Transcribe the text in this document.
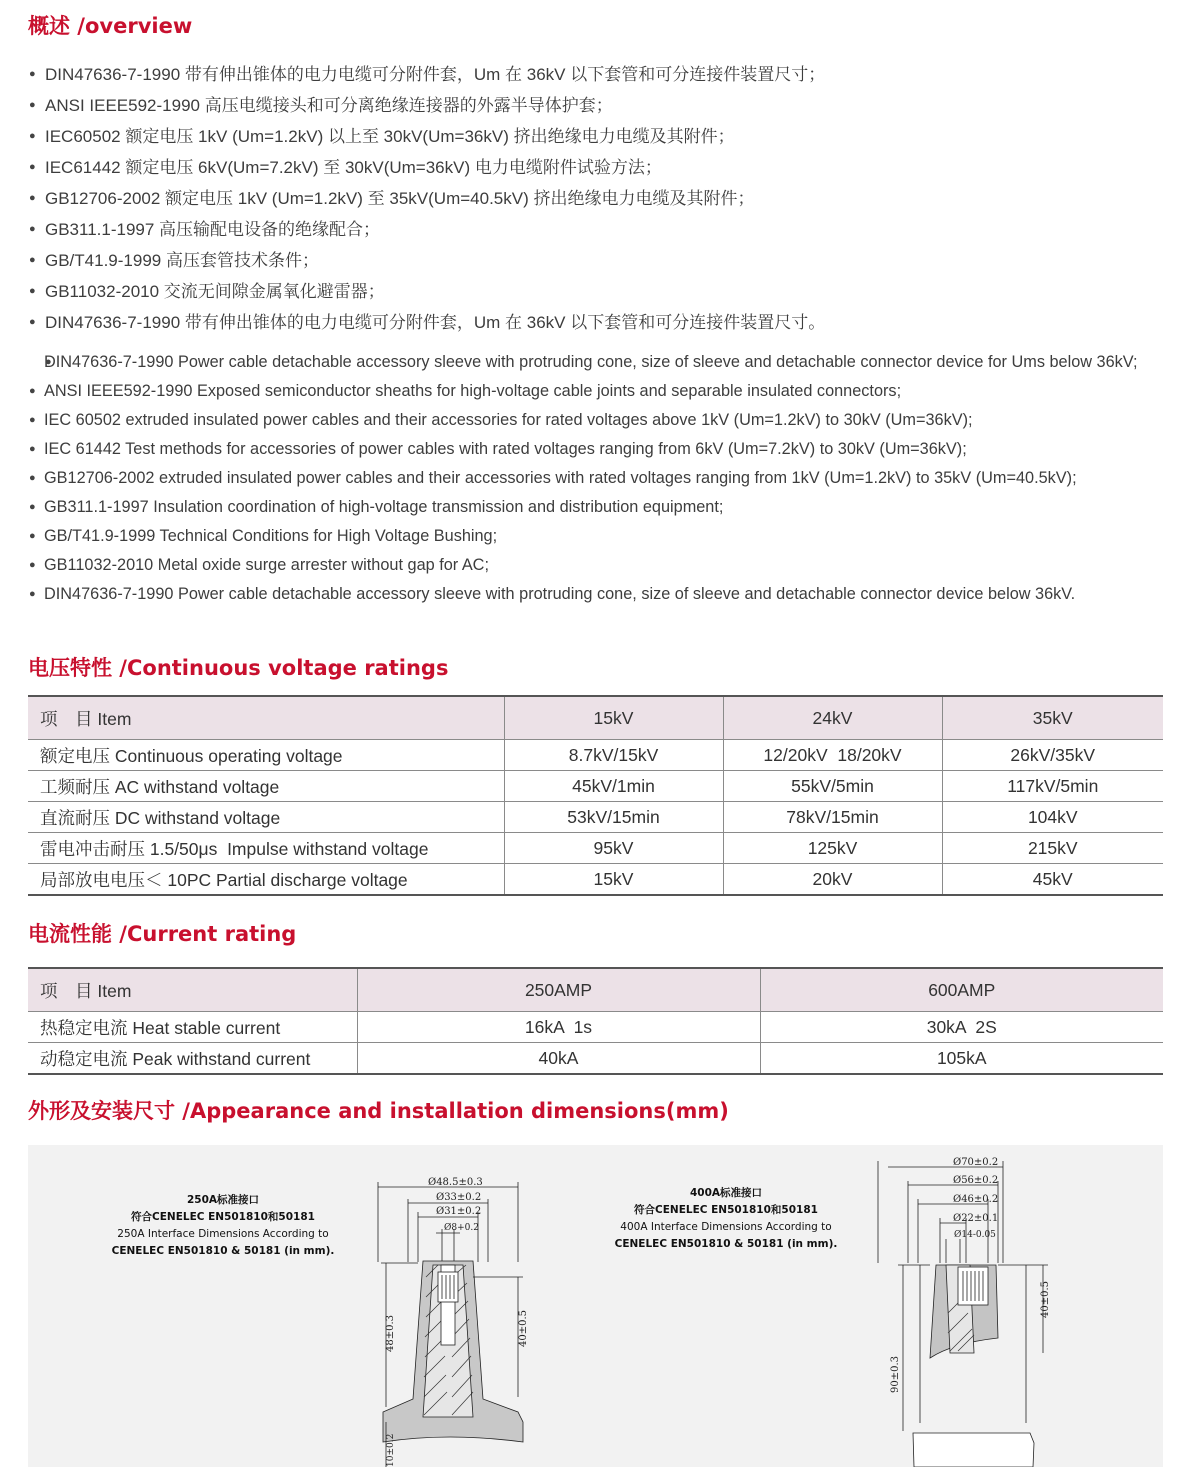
概述 /overview
● DIN47636-7-1990 带有伸出锥体的电力电缆可分附件套，Um 在 36kV 以下套管和可分连接件装置尺寸；
● ANSI IEEE592-1990 高压电缆接头和可分离绝缘连接器的外露半导体护套；
● IEC60502 额定电压 1kV (Um=1.2kV) 以上至 30kV(Um=36kV) 挤出绝缘电力电缆及其附件；
● IEC61442 额定电压 6kV(Um=7.2kV) 至 30kV(Um=36kV) 电力电缆附件试验方法；
● GB12706-2002 额定电压 1kV (Um=1.2kV) 至 35kV(Um=40.5kV) 挤出绝缘电力电缆及其附件；
● GB311.1-1997 高压输配电设备的绝缘配合；
● GB/T41.9-1999 高压套管技术条件；
● GB11032-2010 交流无间隙金属氧化避雷器；
● DIN47636-7-1990 带有伸出锥体的电力电缆可分附件套，Um 在 36kV 以下套管和可分连接件装置尺寸。
● DIN47636-7-1990 Power cable detachable accessory sleeve with protruding cone, size of sleeve and detachable connector device for Ums below 36kV;
● ANSI IEEE592-1990 Exposed semiconductor sheaths for high-voltage cable joints and separable insulated connectors;
● IEC 60502 extruded insulated power cables and their accessories for rated voltages above 1kV (Um=1.2kV) to 30kV (Um=36kV);
● IEC 61442 Test methods for accessories of power cables with rated voltages ranging from 6kV (Um=7.2kV) to 30kV (Um=36kV);
● GB12706-2002 extruded insulated power cables and their accessories with rated voltages ranging from 1kV (Um=1.2kV) to 35kV (Um=40.5kV);
● GB311.1-1997 Insulation coordination of high-voltage transmission and distribution equipment;
● GB/T41.9-1999 Technical Conditions for High Voltage Bushing;
● GB11032-2010 Metal oxide surge arrester without gap for AC;
● DIN47636-7-1990 Power cable detachable accessory sleeve with protruding cone, size of sleeve and detachable connector device below 36kV.
电压特性 /Continuous voltage ratings
项　目 Item	15kV	24kV	35kV
额定电压 Continuous operating voltage	8.7kV/15kV	12/20kV  18/20kV	26kV/35kV
工频耐压 AC withstand voltage	45kV/1min	55kV/5min	117kV/5min
直流耐压 DC withstand voltage	53kV/15min	78kV/15min	104kV
雷电冲击耐压 1.5/50μs  Impulse withstand voltage	95kV	125kV	215kV
局部放电电压＜ 10PC Partial discharge voltage	15kV	20kV	45kV
电流性能 /Current rating
项　目 Item	250AMP	600AMP
热稳定电流 Heat stable current	16kA  1s	30kA  2S
动稳定电流 Peak withstand current	40kA	105kA
外形及安装尺寸 /Appearance and installation dimensions(mm)
250A标准接口
符合CENELEC EN501810和50181
250A Interface Dimensions According to
CENELEC EN501810 & 50181 (in mm).
Ø48.5±0.3
Ø33±0.2
Ø31±0.2
Ø8+0.2
48±0.3	40±0.5
10±0.2
400A标准接口
符合CENELEC EN501810和50181
400A Interface Dimensions According to
CENELEC EN501810 & 50181 (in mm).
Ø70±0.2
Ø56±0.2
Ø46±0.2
Ø22±0.1
Ø14-0.05
40±0.5
90±0.3
